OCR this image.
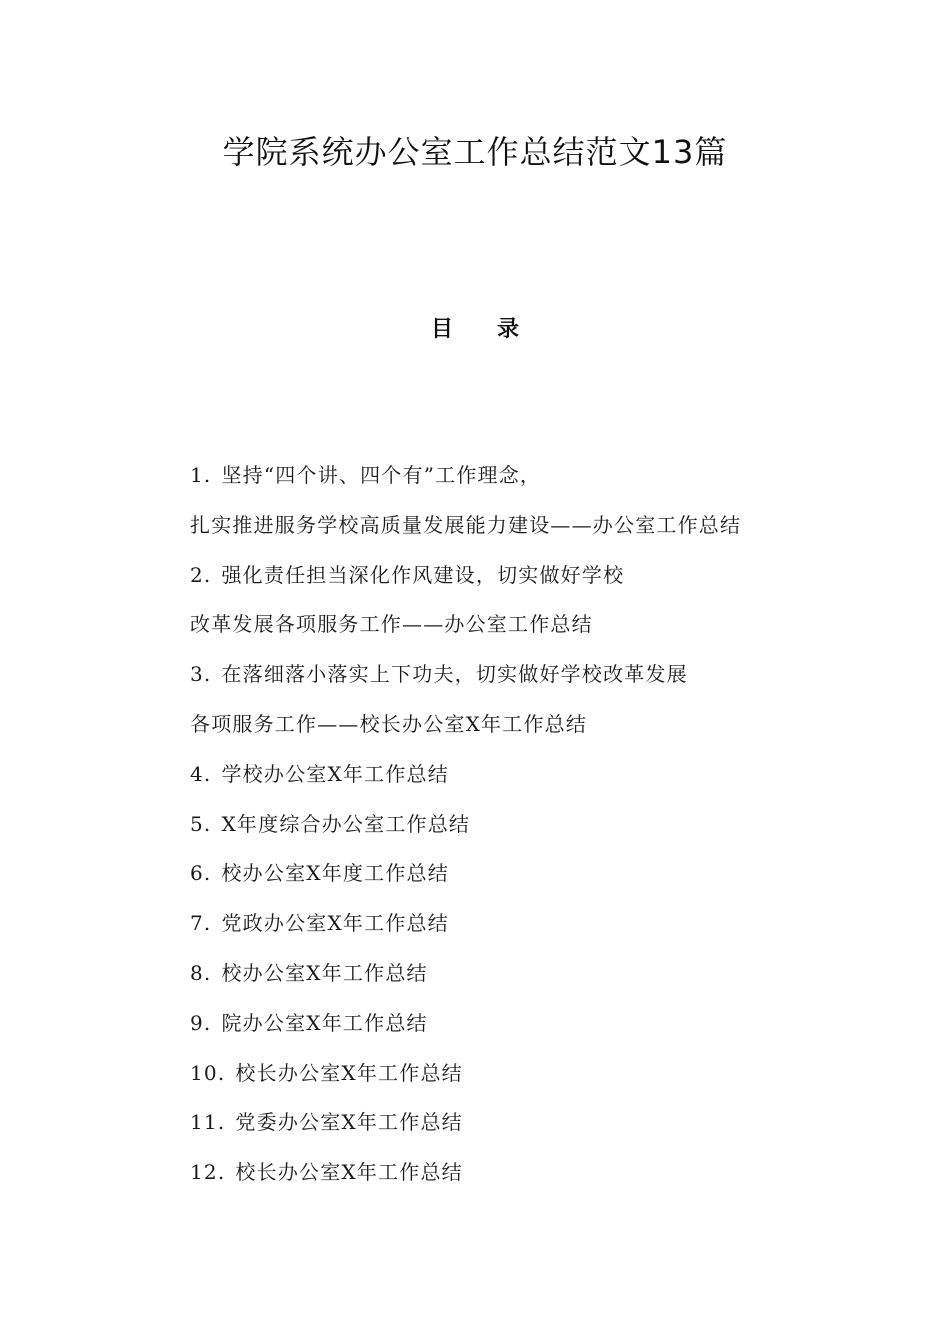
学院系统办公室工作总结范文13篇
目录
1. 坚持“四个讲、四个有”工作理念，
扎实推进服务学校高质量发展能力建设——办公室工作总结
2. 强化责任担当深化作风建设，切实做好学校
改革发展各项服务工作——办公室工作总结
3. 在落细落小落实上下功夫，切实做好学校改革发展
各项服务工作——校长办公室X年工作总结
4. 学校办公室X年工作总结
5. X年度综合办公室工作总结
6. 校办公室X年度工作总结
7. 党政办公室X年工作总结
8. 校办公室X年工作总结
9. 院办公室X年工作总结
10. 校长办公室X年工作总结
11. 党委办公室X年工作总结
12. 校长办公室X年工作总结
